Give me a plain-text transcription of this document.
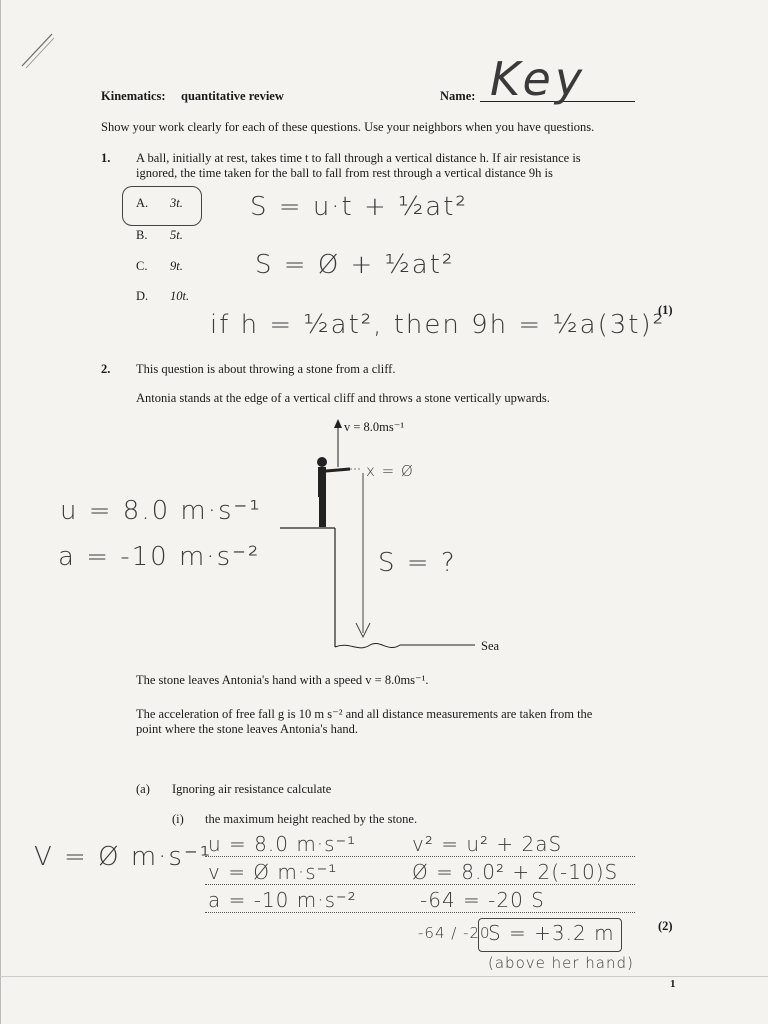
Kinematics: quantitative review	Name: Key
Show your work clearly for each of these questions. Use your neighbors when you have questions.
1. A ball, initially at rest, takes time t to fall through a vertical distance h. If air resistance is
ignored, the time taken for the ball to fall from rest through a vertical distance 9h is
A. 3t.
B. 5t.
C. 9t.
D. 10t.
S = u·t + ½at²
S = Ø + ½at²
if h = ½at², then 9h = ½a(3t)²
(1)
2. This question is about throwing a stone from a cliff.
Antonia stands at the edge of a vertical cliff and throws a stone vertically upwards.
v = 8.0ms⁻¹
x = Ø
S = ?
Sea
u = 8.0 m·s⁻¹
a = -10 m·s⁻²
The stone leaves Antonia's hand with a speed v = 8.0ms⁻¹.
The acceleration of free fall g is 10 m s⁻² and all distance measurements are taken from the
point where the stone leaves Antonia's hand.
(a) Ignoring air resistance calculate
(i) the maximum height reached by the stone.
V = Ø m·s⁻¹
u = 8.0 m·s⁻¹
v = Ø m·s⁻¹
a = -10 m·s⁻²
v² = u² + 2aS
Ø = 8.0² + 2(-10)S
-64 = -20 S
-64 / -20
S = +3.2 m
(above her hand)
(2)
1
